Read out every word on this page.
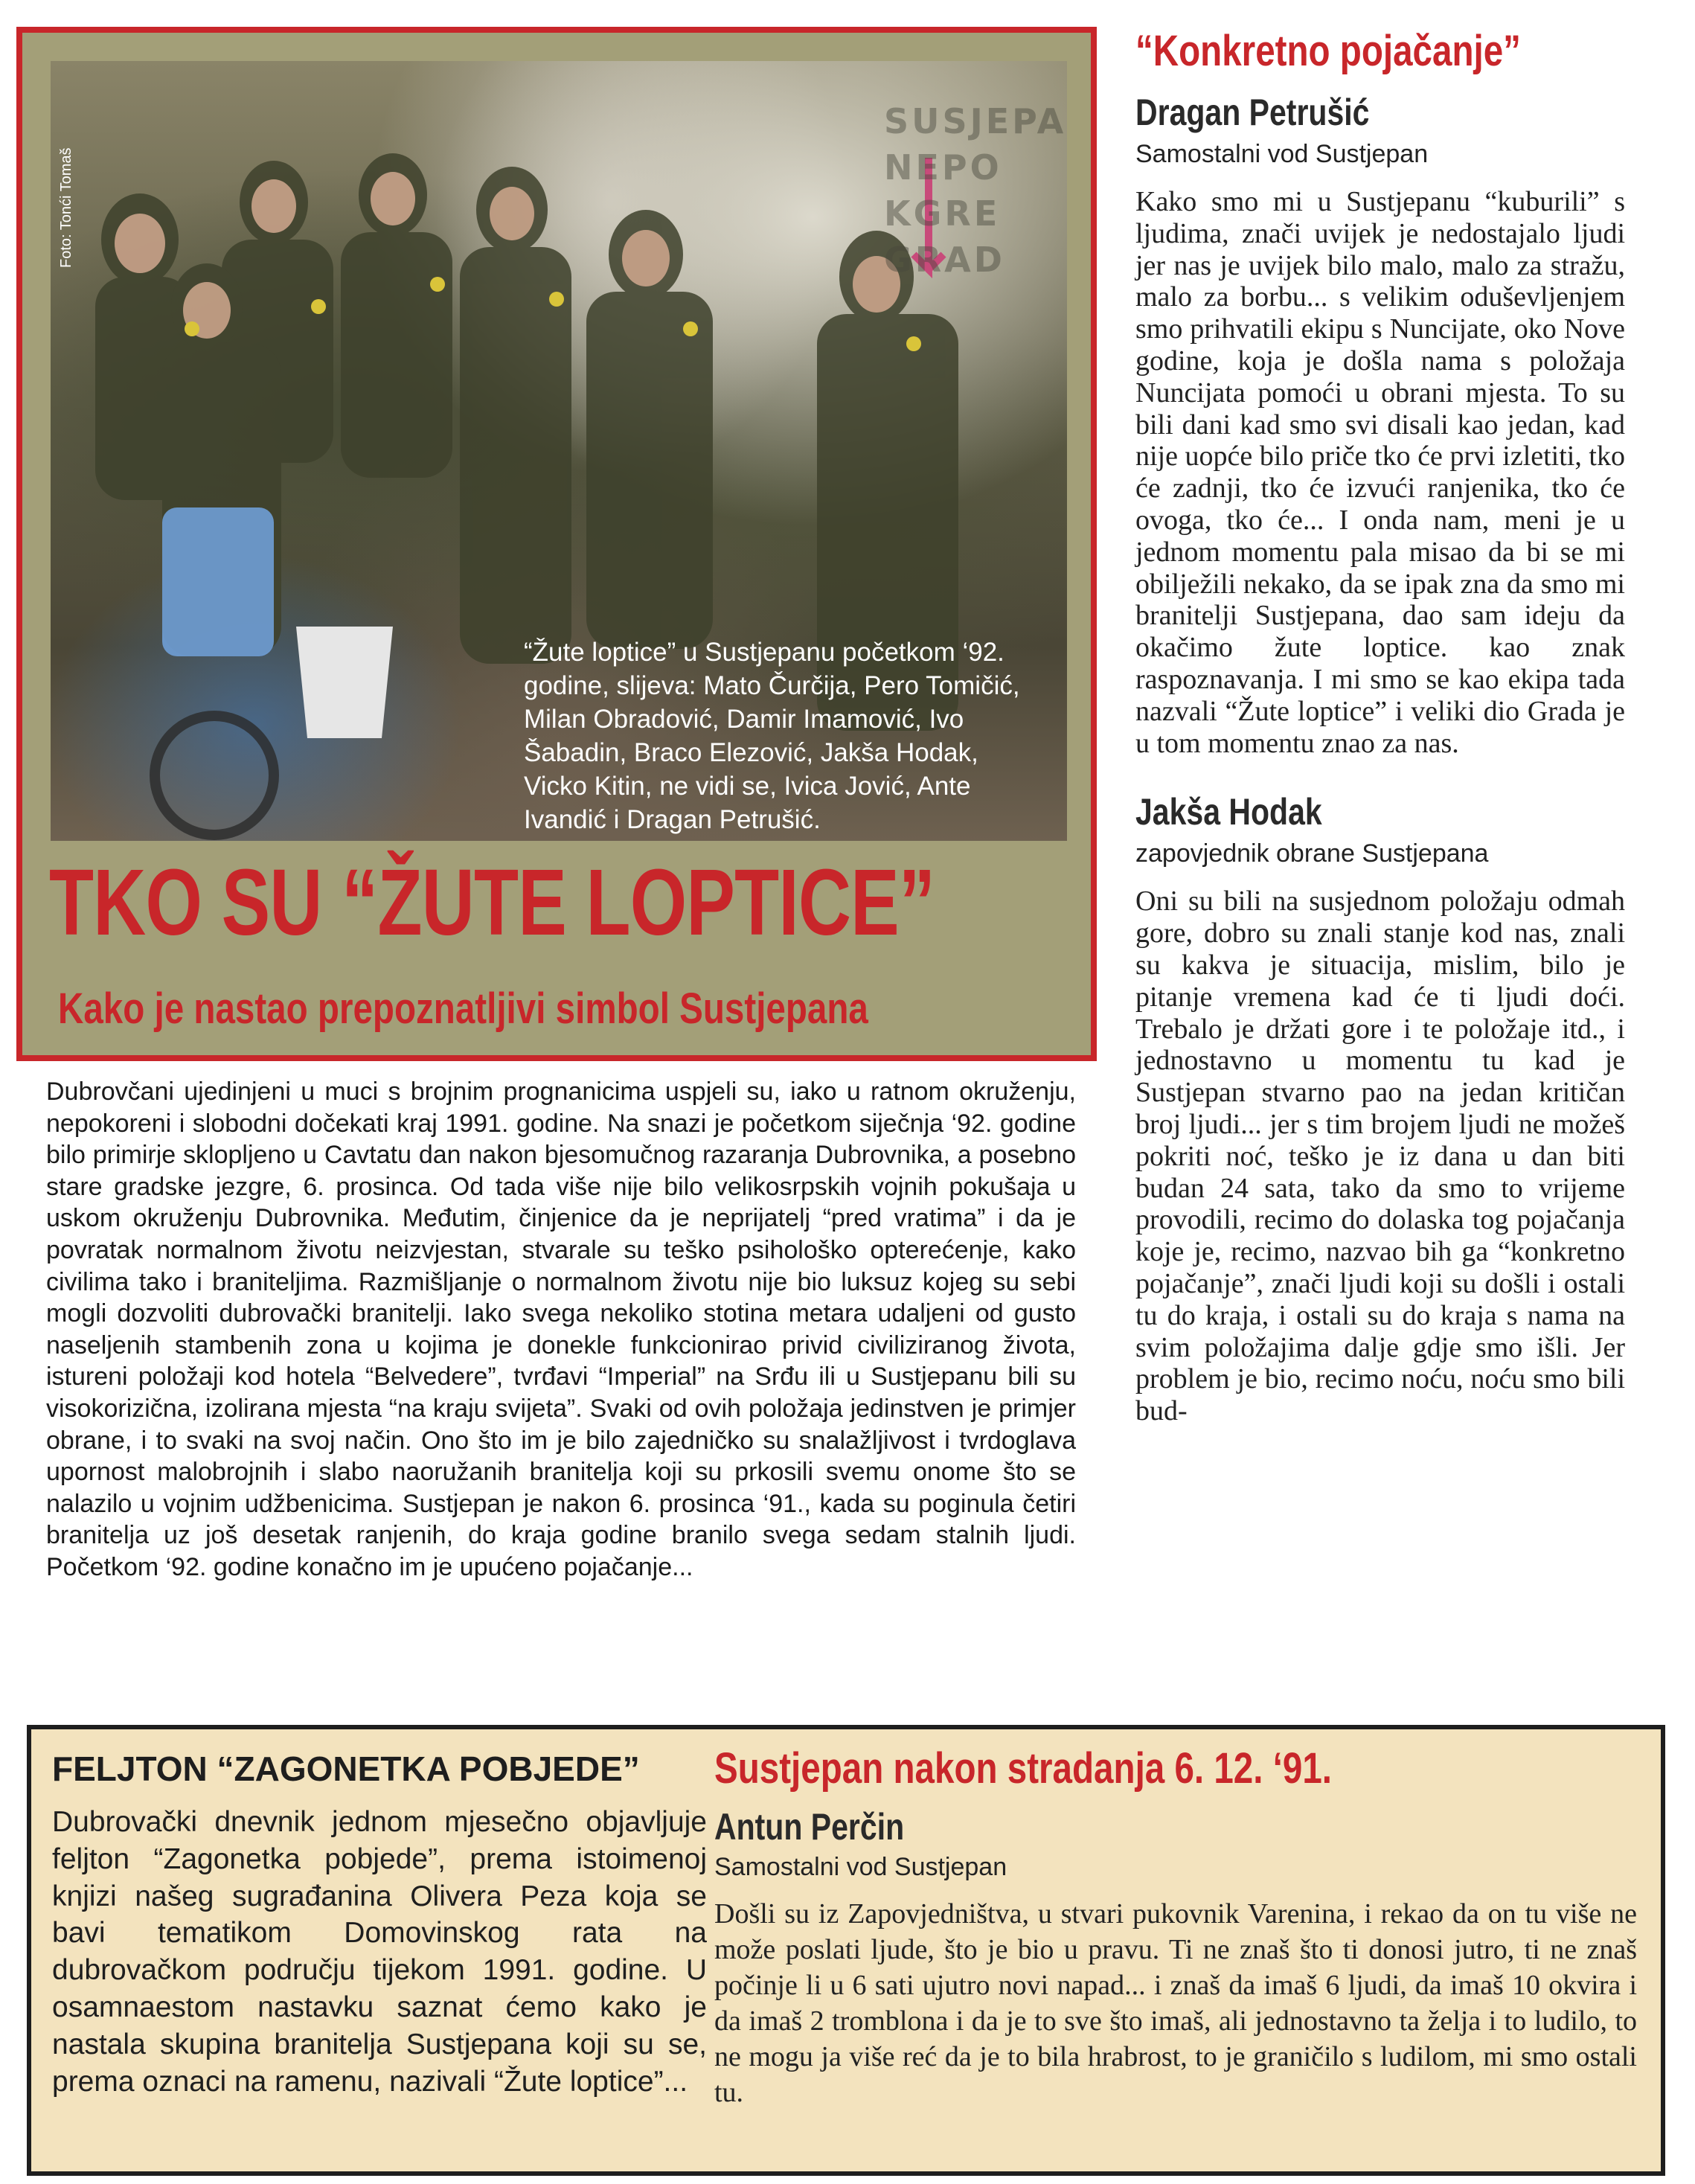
SUSJEPA
NEPO
KGRE
GRAD
Foto: Tonći Tomaš
“Žute loptice” u Sustjepanu početkom ‘92. godine, slijeva: Mato Čurčija, Pero Tomičić, Milan Obradović, Damir Imamović, Ivo Šabadin, Braco Elezović, Jakša Hodak, Vicko Kitin, ne vidi se, Ivica Jović, Ante Ivandić i Dragan Petrušić.
TKO SU “ŽUTE LOPTICE”
Kako je nastao prepoznatljivi simbol Sustjepana
Dubrovčani ujedinjeni u muci s brojnim prognanicima uspjeli su, iako u ratnom okruženju, nepokoreni i slobodni dočekati kraj 1991. godine. Na snazi je početkom siječnja ‘92. godine bilo primirje sklopljeno u Cavtatu dan nakon bjesomučnog razaranja Dubrovnika, a posebno stare gradske jezgre, 6. prosinca. Od tada više nije bilo velikosrpskih vojnih pokušaja u uskom okruženju Dubrovnika. Međutim, činjenice da je neprijatelj “pred vratima” i da je povratak normalnom životu neizvjestan, stvarale su teško psihološko opterećenje, kako civilima tako i braniteljima. Razmišljanje o normalnom životu nije bio luksuz kojeg su sebi mogli dozvoliti dubrovački branitelji. Iako svega nekoliko stotina metara udaljeni od gusto naseljenih stambenih zona u kojima je donekle funkcionirao privid civiliziranog života, istureni položaji kod hotela “Belvedere”, tvrđavi “Imperial” na Srđu ili u Sustjepanu bili su visokorizična, izolirana mjesta “na kraju svijeta”. Svaki od ovih položaja jedinstven je primjer obrane, i to svaki na svoj način. Ono što im je bilo zajedničko su snalažljivost i tvrdoglava upornost malobrojnih i slabo naoružanih branitelja koji su prkosili svemu onome što se nalazilo u vojnim udžbenicima. Sustjepan je nakon 6. prosinca ‘91., kada su poginula četiri branitelja uz još desetak ranjenih, do kraja godine branilo svega sedam stalnih ljudi. Početkom ‘92. godine konačno im je upućeno pojačanje...
“Konkretno pojačanje”
Dragan Petrušić
Samostalni vod Sustjepan
Kako smo mi u Sustjepanu “kuburili” s ljudima, znači uvijek je nedostajalo ljudi jer nas je uvijek bilo malo, malo za stražu, malo za borbu... s velikim oduševljenjem smo prihvatili ekipu s Nuncijate, oko Nove godine, koja je došla nama s položaja Nuncijata pomoći u obrani mjesta. To su bili dani kad smo svi disali kao jedan, kad nije uopće bilo priče tko će prvi izletiti, tko će zadnji, tko će izvući ranjenika, tko će ovoga, tko će... I onda nam, meni je u jednom momentu pala misao da bi se mi obilježili nekako, da se ipak zna da smo mi branitelji Sustjepana, dao sam ideju da okačimo žute loptice. kao znak raspoznavanja. I mi smo se kao ekipa tada nazvali “Žute loptice” i veliki dio Grada je u tom momentu znao za nas.
Jakša Hodak
zapovjednik obrane Sustjepana
Oni su bili na susjednom položaju odmah gore, dobro su znali stanje kod nas, znali su kakva je situacija, mislim, bilo je pitanje vremena kad će ti ljudi doći. Trebalo je držati gore i te položaje itd., i jednostavno u momentu tu kad je Sustjepan stvarno pao na jedan kritičan broj ljudi... jer s tim brojem ljudi ne možeš pokriti noć, teško je iz dana u dan biti budan 24 sata, tako da smo to vrijeme provodili, recimo do dolaska tog pojačanja koje je, recimo, nazvao bih ga “konkretno pojačanje”, znači ljudi koji su došli i ostali tu do kraja, i ostali su do kraja s nama na svim položajima dalje gdje smo išli. Jer problem je bio, recimo noću, noću smo bili bud-
FELJTON “ZAGONETKA POBJEDE”
Dubrovački dnevnik jednom mjesečno objavljuje feljton “Zagonetka pobjede”, prema istoimenoj knjizi našeg sugrađanina Olivera Peza koja se bavi tematikom Domovinskog rata na dubrovačkom području tijekom 1991. godine. U osamnaestom nastavku saznat ćemo kako je nastala skupina branitelja Sustjepana koji su se, prema oznaci na ramenu, nazivali “Žute loptice”...
Sustjepan nakon stradanja 6. 12. ‘91.
Antun Perčin
Samostalni vod Sustjepan
Došli su iz Zapovjedništva, u stvari pukovnik Varenina, i rekao da on tu više ne može poslati ljude, što je bio u pravu. Ti ne znaš što ti donosi jutro, ti ne znaš počinje li u 6 sati ujutro novi napad... i znaš da imaš 6 ljudi, da imaš 10 okvira i da imaš 2 tromblona i da je to sve što imaš, ali jednostavno ta želja i to ludilo, to ne mogu ja više reć da je to bila hrabrost, to je graničilo s ludilom, mi smo ostali tu.
